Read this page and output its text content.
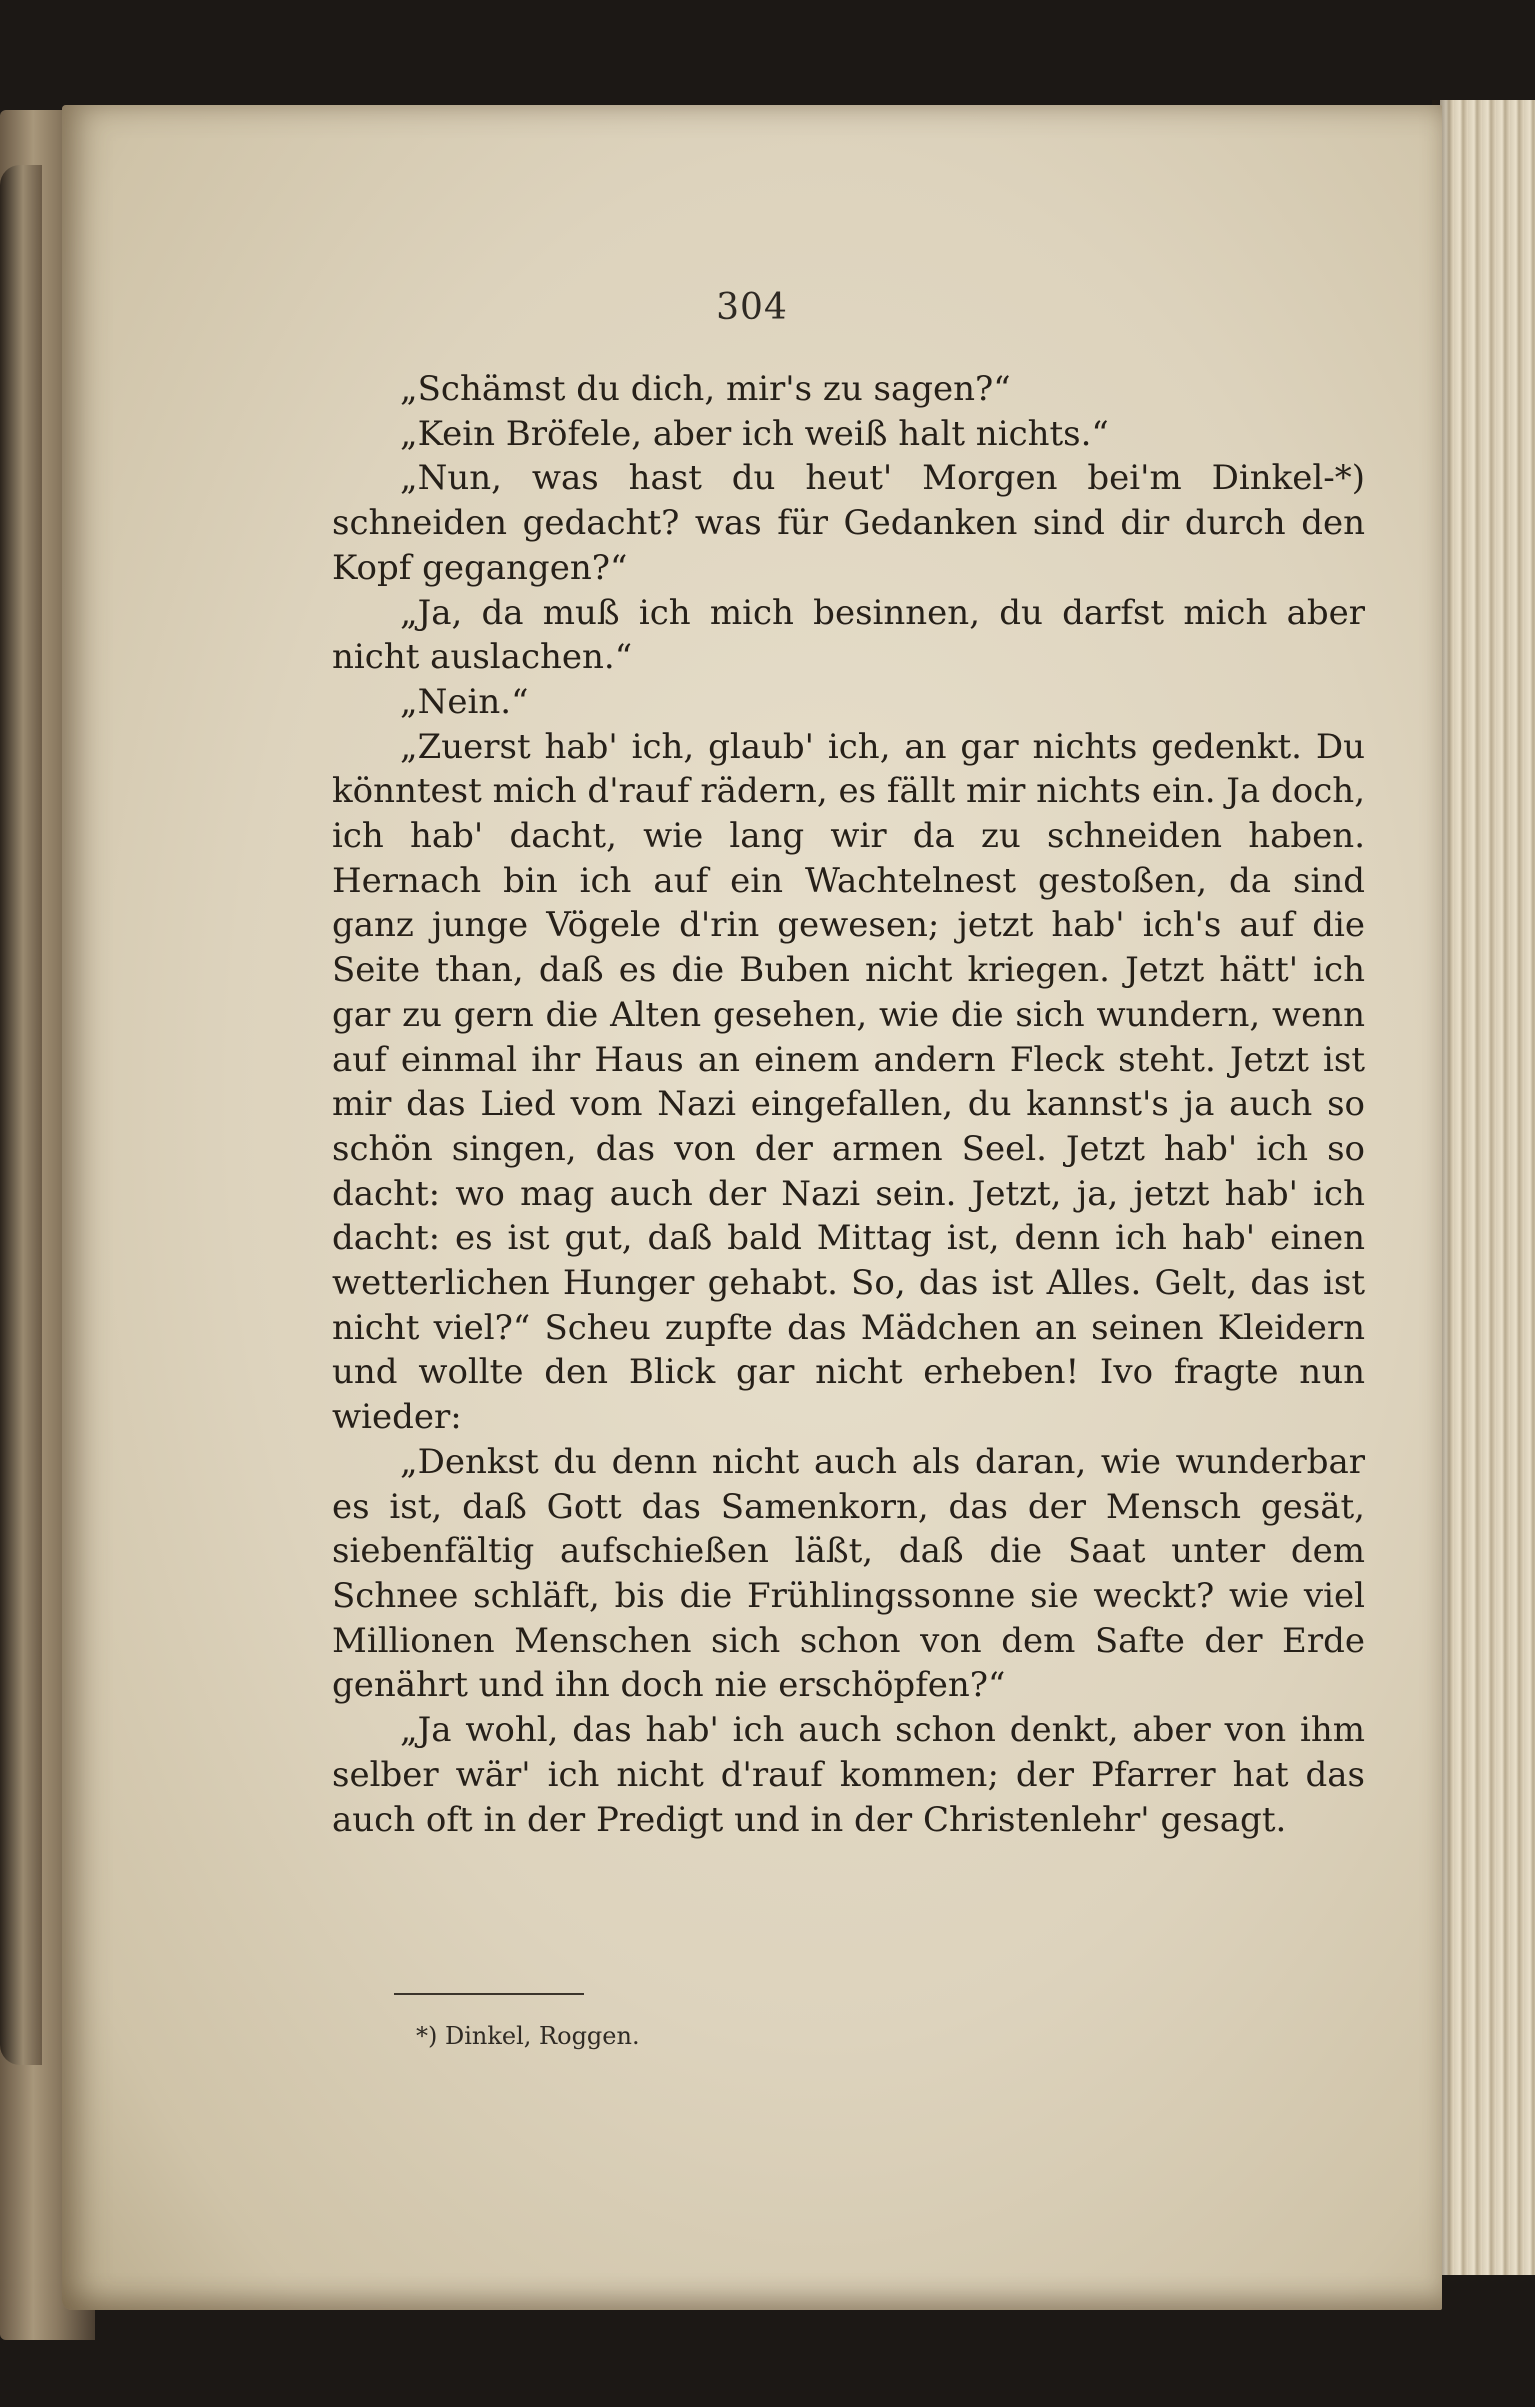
304

„Schämst du dich, mir's zu sagen?“

„Kein Bröfele, aber ich weiß halt nichts.“

„Nun, was hast du heut' Morgen bei'm Dinkel-*) schneiden gedacht? was für Gedanken sind dir durch den Kopf gegangen?“

„Ja, da muß ich mich besinnen, du darfst mich aber nicht auslachen.“

„Nein.“

„Zuerst hab' ich, glaub' ich, an gar nichts gedenkt. Du könntest mich d'rauf rädern, es fällt mir nichts ein. Ja doch, ich hab' dacht, wie lang wir da zu schneiden haben. Hernach bin ich auf ein Wachtelnest gestoßen, da sind ganz junge Vögele d'rin gewesen; jetzt hab' ich's auf die Seite than, daß es die Buben nicht kriegen. Jetzt hätt' ich gar zu gern die Alten gesehen, wie die sich wundern, wenn auf einmal ihr Haus an einem andern Fleck steht. Jetzt ist mir das Lied vom Nazi eingefallen, du kannst's ja auch so schön singen, das von der armen Seel. Jetzt hab' ich so dacht: wo mag auch der Nazi sein. Jetzt, ja, jetzt hab' ich dacht: es ist gut, daß bald Mittag ist, denn ich hab' einen wetterlichen Hunger gehabt. So, das ist Alles. Gelt, das ist nicht viel?“ Scheu zupfte das Mädchen an seinen Kleidern und wollte den Blick gar nicht erheben! Ivo fragte nun wieder:

„Denkst du denn nicht auch als daran, wie wunderbar es ist, daß Gott das Samenkorn, das der Mensch gesät, siebenfältig aufschießen läßt, daß die Saat unter dem Schnee schläft, bis die Frühlingssonne sie weckt? wie viel Millionen Menschen sich schon von dem Safte der Erde genährt und ihn doch nie erschöpfen?“

„Ja wohl, das hab' ich auch schon denkt, aber von ihm selber wär' ich nicht d'rauf kommen; der Pfarrer hat das auch oft in der Predigt und in der Christenlehr' gesagt.

*) Dinkel, Roggen.
